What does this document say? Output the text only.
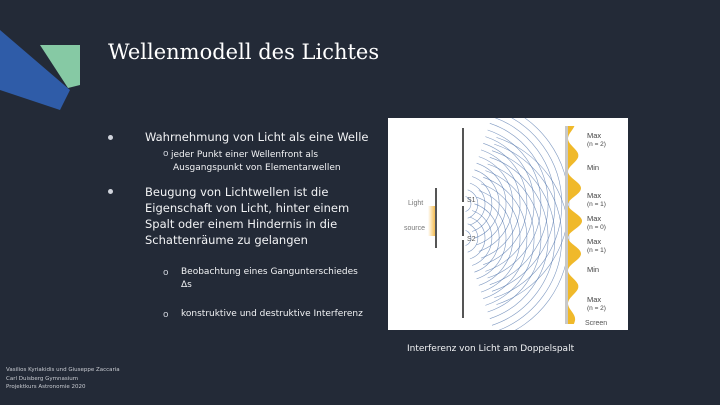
Wellenmodell des Lichtes
Wahrnehmung von Licht als eine Welle
o jeder Punkt einer Wellenfront als Ausgangspunkt von Elementarwellen
Beugung von Lichtwellen ist die Eigenschaft von Licht, hinter einem Spalt oder einem Hindernis in die Schattenräume zu gelangen
o Beobachtung eines Gangunterschiedes Δs
o konstruktive und destruktive Interferenz
Light
source
S1
S2
Max
(n = 2)
Min
Max
(n = 1)
Max
(n = 0)
Max
(n = 1)
Min
Max
(n = 2)
Screen
Interferenz von Licht am Doppelspalt
Vasilios Kyriakidis und Giuseppe Zaccaria
Carl Duisberg Gymnasium
Projektkurs Astronomie 2020
